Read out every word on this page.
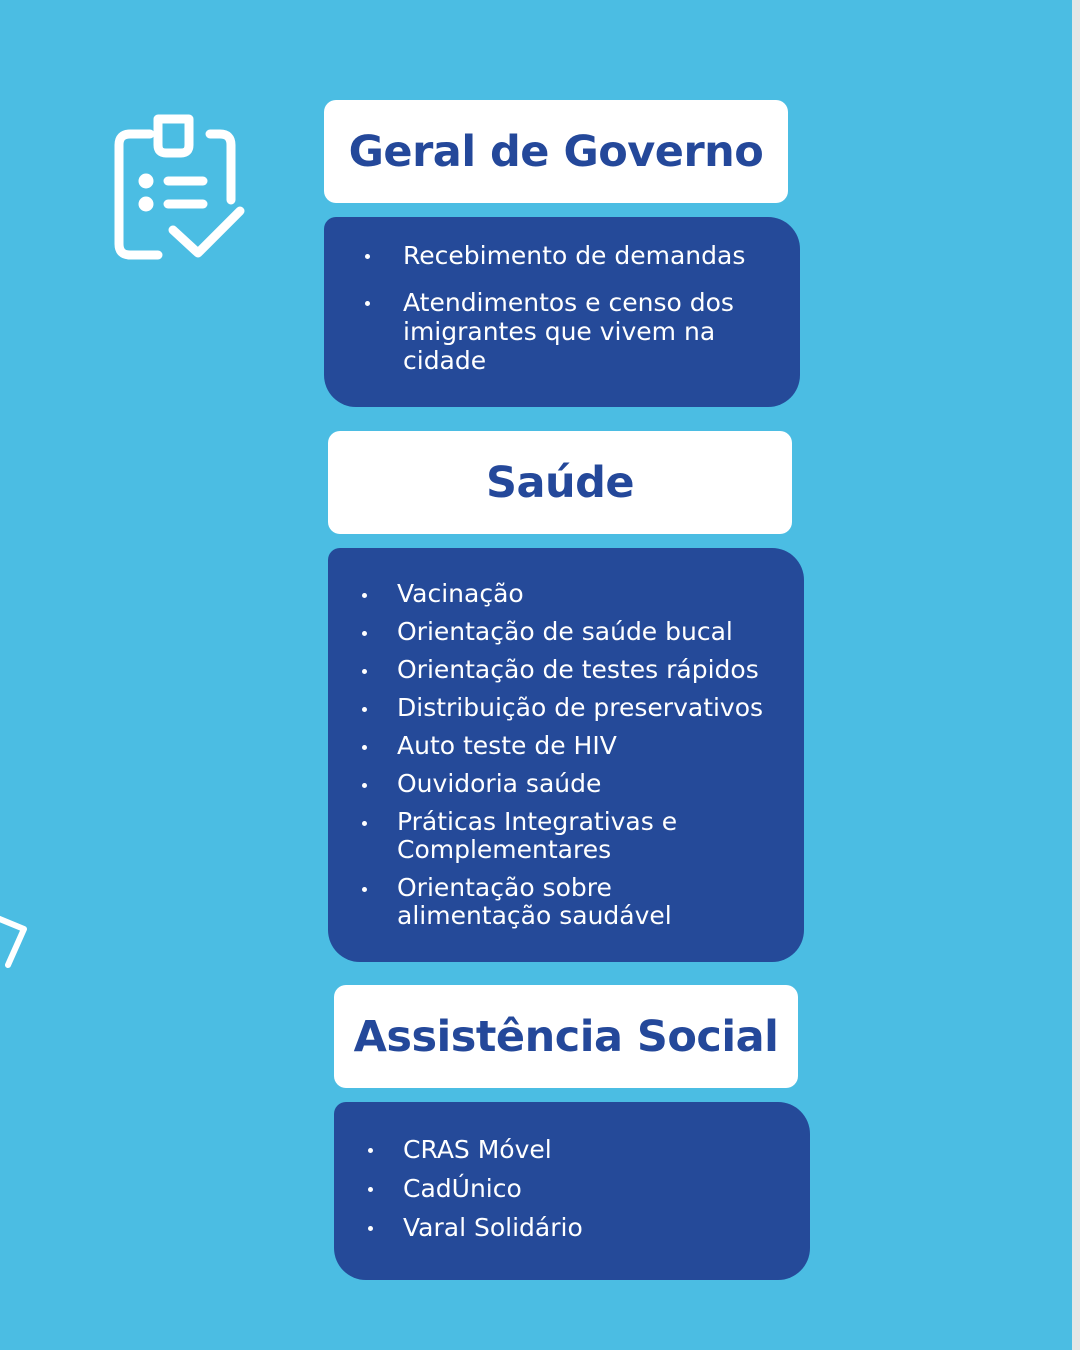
Geral de Governo
Recebimento de demandas
Atendimentos e censo dos imigrantes que vivem na cidade
Saúde
Vacinação
Orientação de saúde bucal
Orientação de testes rápidos
Distribuição de preservativos
Auto teste de HIV
Ouvidoria saúde
Práticas Integrativas e Complementares
Orientação sobre alimentação saudável
Assistência Social
CRAS Móvel
CadÚnico
Varal Solidário
